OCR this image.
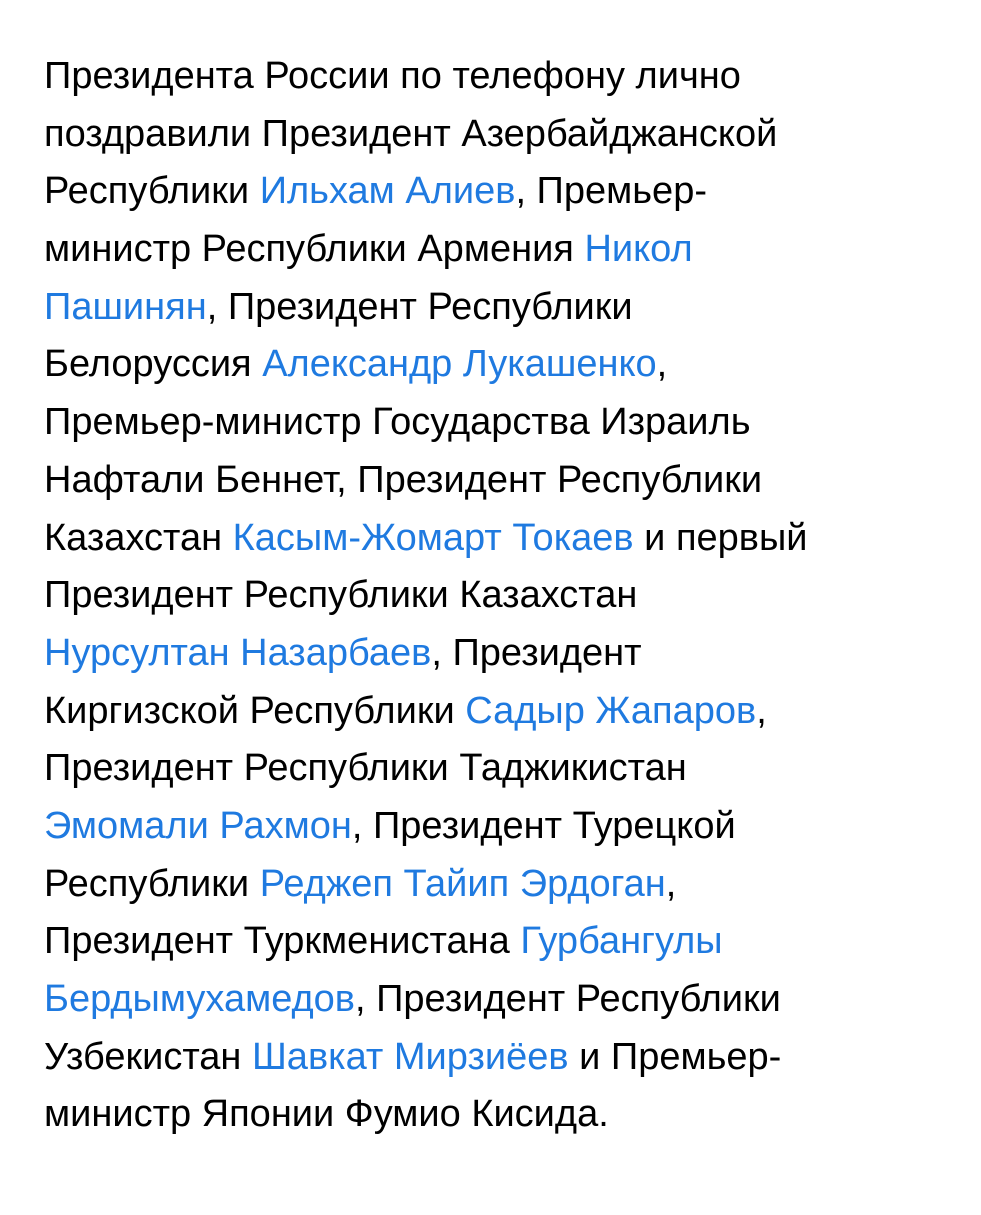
Президента России по телефону лично
поздравили Президент Азербайджанской
Республики Ильхам Алиев, Премьер-
министр Республики Армения Никол
Пашинян, Президент Республики
Белоруссия Александр Лукашенко,
Премьер-министр Государства Израиль
Нафтали Беннет, Президент Республики
Казахстан Касым-Жомарт Токаев и первый
Президент Республики Казахстан
Нурсултан Назарбаев, Президент
Киргизской Республики Садыр Жапаров,
Президент Республики Таджикистан
Эмомали Рахмон, Президент Турецкой
Республики Реджеп Тайип Эрдоган,
Президент Туркменистана Гурбангулы
Бердымухамедов, Президент Республики
Узбекистан Шавкат Мирзиёев и Премьер-
министр Японии Фумио Кисида.
